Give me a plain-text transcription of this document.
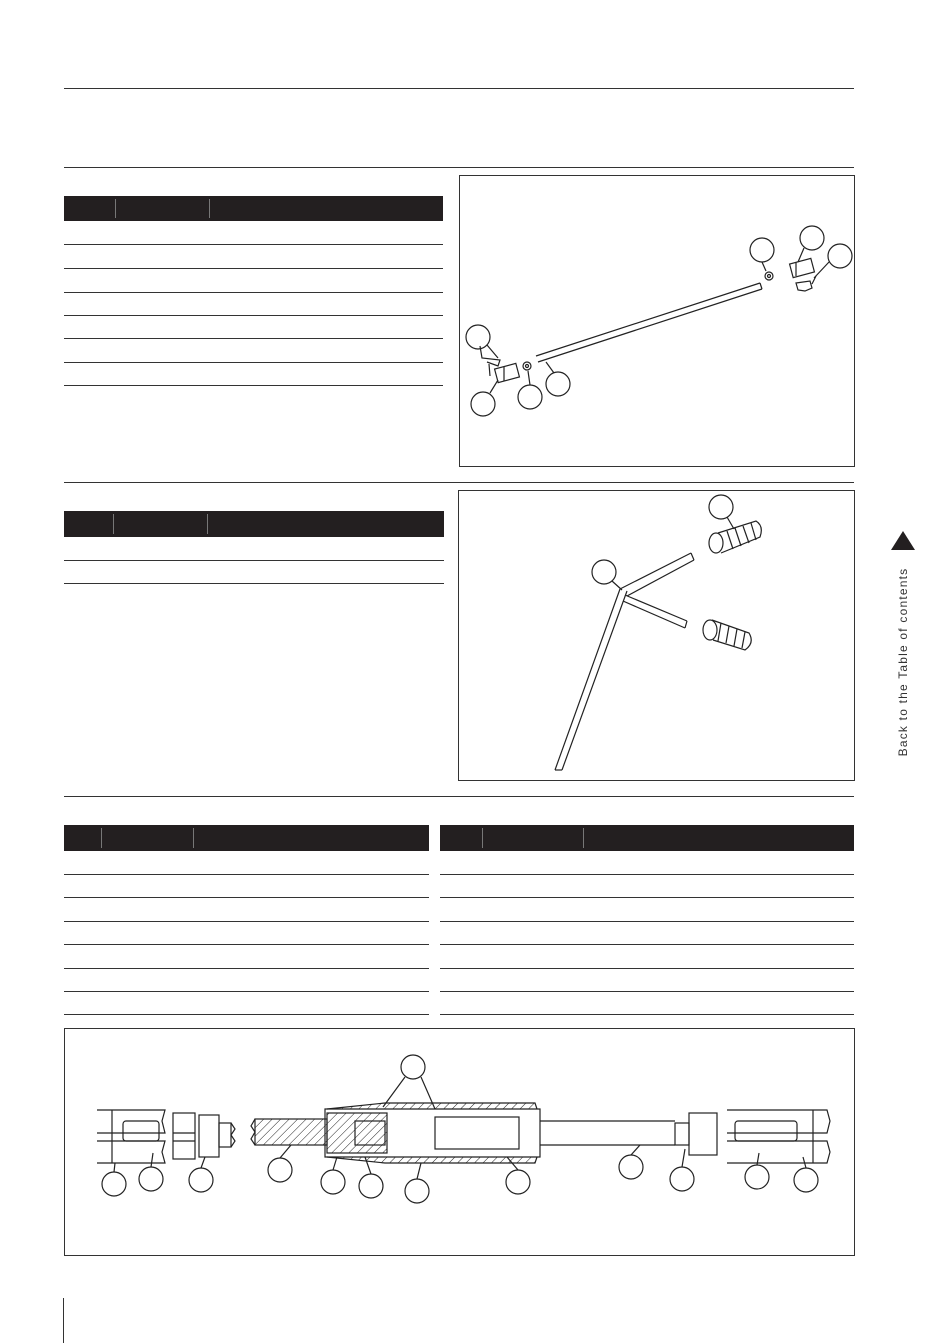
Back to the Table of contents
